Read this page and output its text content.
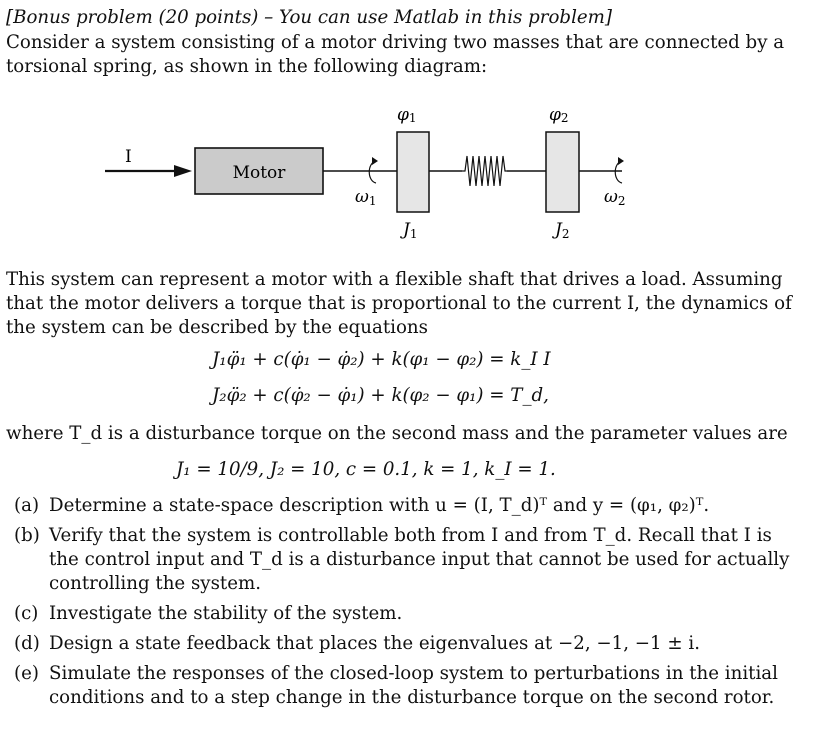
[Bonus problem (20 points) – You can use Matlab in this problem]
Consider a system consisting of a motor driving two masses that are connected by a
torsional spring, as shown in the following diagram:
I
Motor
φ1	φ2
ω1	ω2
J1	J2
This system can represent a motor with a flexible shaft that drives a load. Assuming
that the motor delivers a torque that is proportional to the current I, the dynamics of
the system can be described by the equations
J₁φ̈₁ + c(φ̇₁ − φ̇₂) + k(φ₁ − φ₂) = k_I I
J₂φ̈₂ + c(φ̇₂ − φ̇₁) + k(φ₂ − φ₁) = T_d,
where T_d is a disturbance torque on the second mass and the parameter values are
J₁ = 10/9, J₂ = 10, c = 0.1, k = 1, k_I = 1.
(a) Determine a state-space description with u = (I, T_d)ᵀ and y = (φ₁, φ₂)ᵀ.
(b) Verify that the system is controllable both from I and from T_d. Recall that I is
the control input and T_d is a disturbance input that cannot be used for actually
controlling the system.
(c) Investigate the stability of the system.
(d) Design a state feedback that places the eigenvalues at −2, −1, −1 ± i.
(e) Simulate the responses of the closed-loop system to perturbations in the initial
conditions and to a step change in the disturbance torque on the second rotor.
